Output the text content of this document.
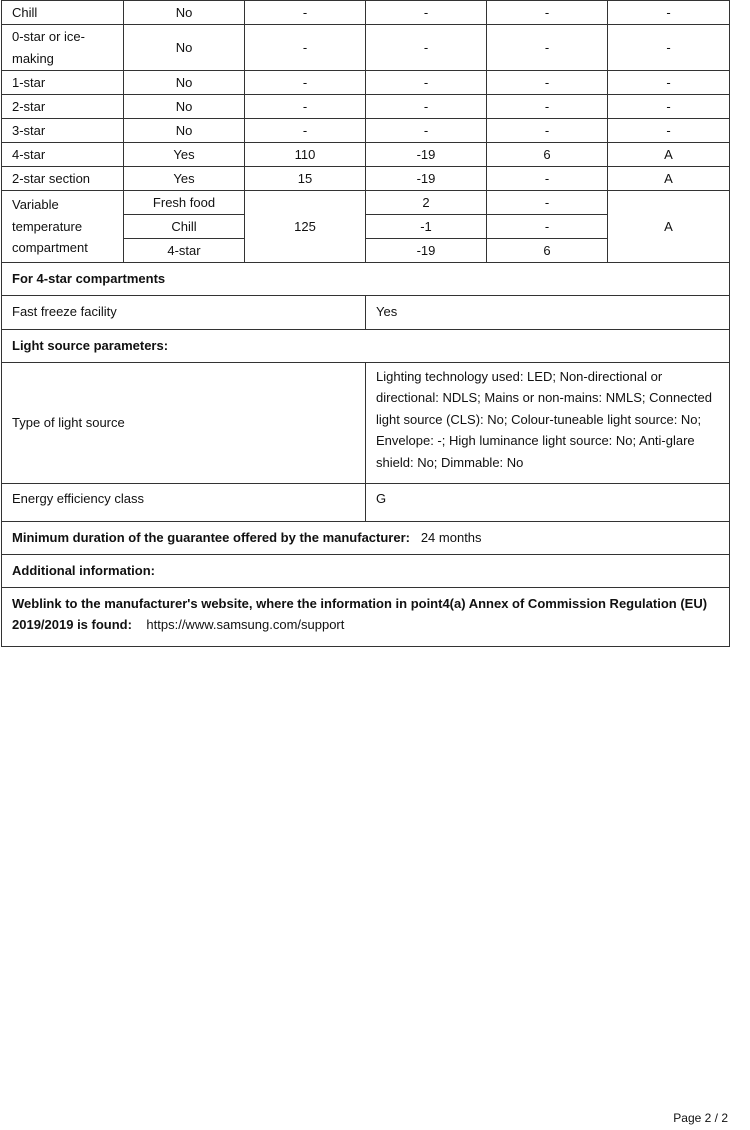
Chill	No	-	-	-	-
0-star or ice-making	No	-	-	-	-
1-star	No	-	-	-	-
2-star	No	-	-	-	-
3-star	No	-	-	-	-
4-star	Yes	110	-19	6	A
2-star section	Yes	15	-19	-	A
Variable temperature compartment	Fresh food	125	2	-	A
	Chill		-1	-	
	4-star		-19	6	
For 4-star compartments	
Fast freeze facility	Yes
Light source parameters:	
Type of light source	Lighting technology used: LED; Non-directional or directional: NDLS; Mains or non-mains: NMLS; Connected light source (CLS): No; Colour-tuneable light source: No; Envelope: -; High luminance light source: No; Anti-glare shield: No; Dimmable: No
Energy efficiency class	G
Minimum duration of the guarantee offered by the manufacturer: 24 months	
Additional information:	
Weblink to the manufacturer's website, where the information in point4(a) Annex of Commission Regulation (EU) 2019/2019 is found: https://www.samsung.com/support	
Page 2 / 2
